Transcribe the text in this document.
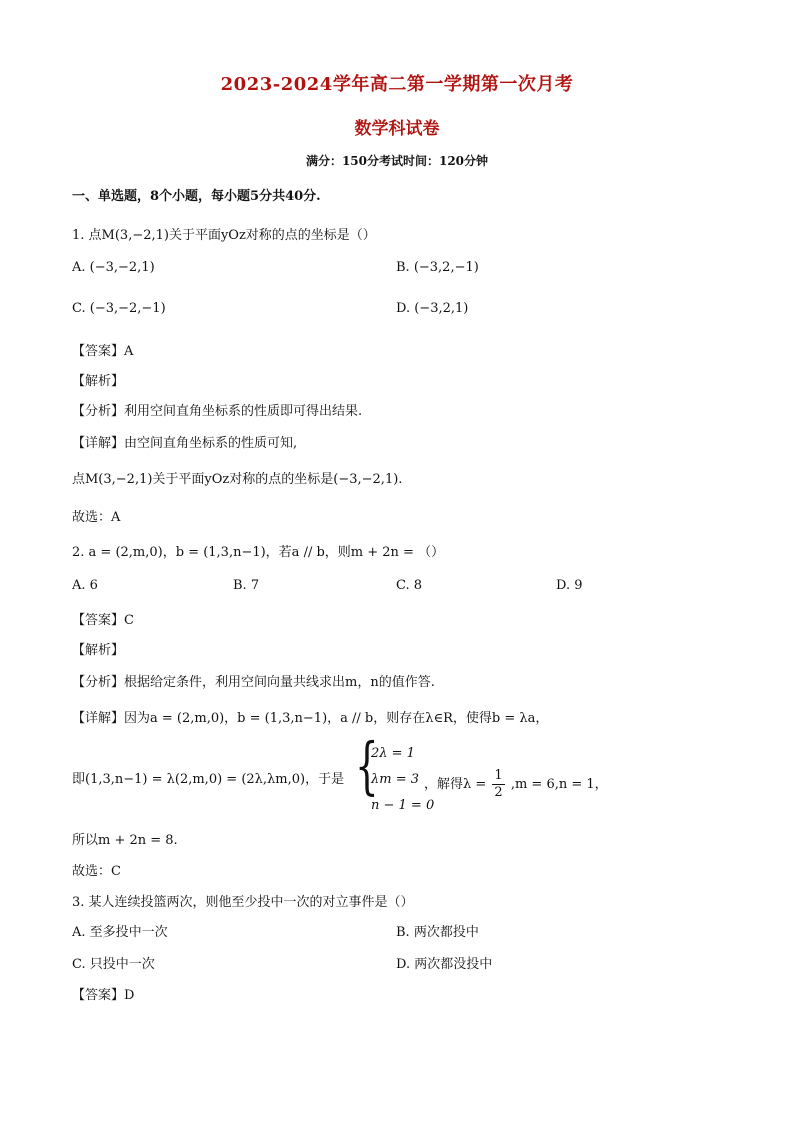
2023-2024学年高二第一学期第一次月考
数学科试卷
满分：150分考试时间：120分钟
一、单选题，8个小题，每小题5分共40分.
1. 点M(3,−2,1)关于平面yOz对称的点的坐标是（）
A. (−3,−2,1)	B. (−3,2,−1)
C. (−3,−2,−1)	D. (−3,2,1)
【答案】A
【解析】
【分析】利用空间直角坐标系的性质即可得出结果.
【详解】由空间直角坐标系的性质可知,
点M(3,−2,1)关于平面yOz对称的点的坐标是(−3,−2,1).
故选：A
2. a = (2,m,0)，b = (1,3,n−1)，若a // b，则m + 2n = （）
A. 6	B. 7	C. 8	D. 9
【答案】C
【解析】
【分析】根据给定条件，利用空间向量共线求出m，n的值作答.
【详解】因为a = (2,m,0)，b = (1,3,n−1)，a // b，则存在λ∈R，使得b = λa，
即(1,3,n−1) = λ(2,m,0) = (2λ,λm,0)，于是 {
2λ = 1
λm = 3
n − 1 = 0
，解得$\lambda = \frac{1}{2} ,m = 6,n = 1$，
所以m + 2n = 8.
故选：C
3. 某人连续投篮两次，则他至少投中一次的对立事件是（）
A. 至多投中一次	B. 两次都投中
C. 只投中一次	D. 两次都没投中
【答案】D
